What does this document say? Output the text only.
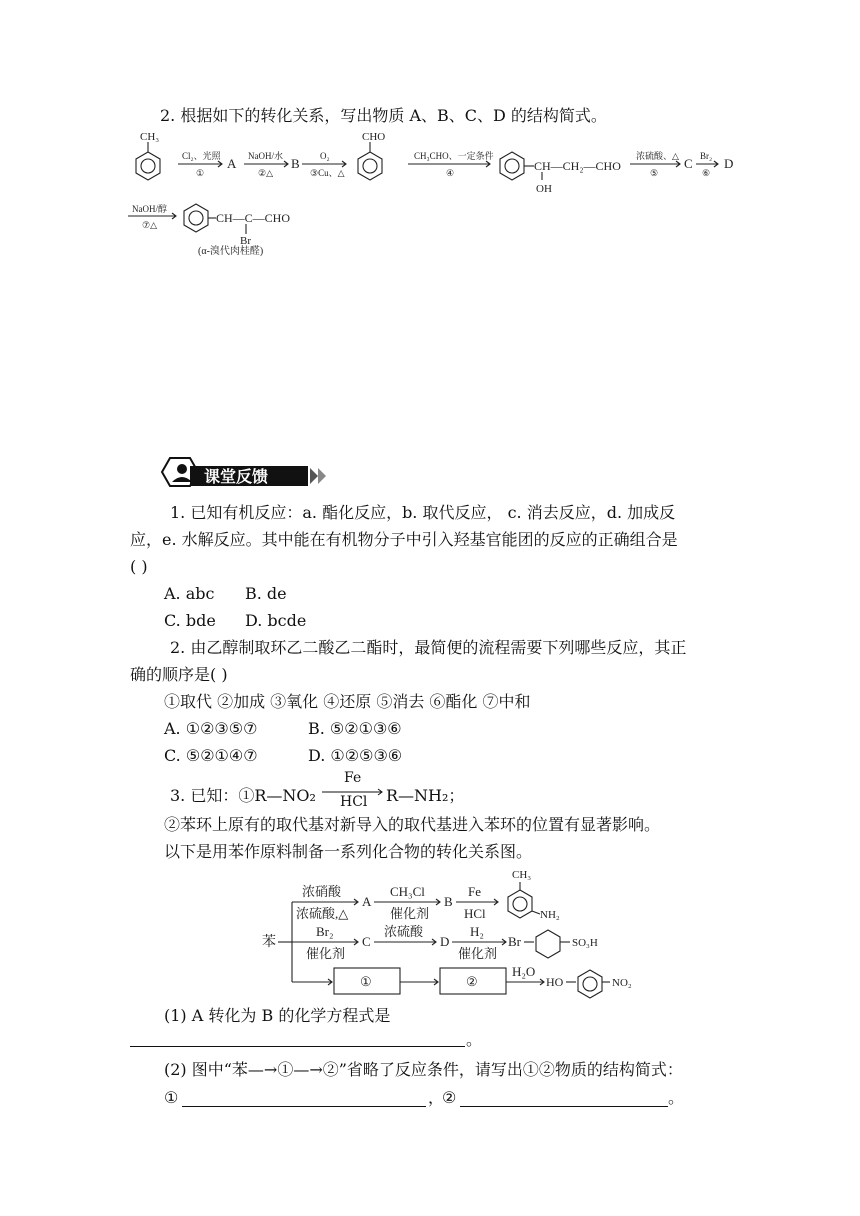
2. 根据如下的转化关系，写出物质 A、B、C、D 的结构简式。
CH₃
Cl₂、光照
①
A NaOH/水
②△
B O₂
③Cu、△
CHO
CH₃CHO、一定条件
④	CH—CH₂—CHO
OH
浓硫酸、△
⑤
C Br₂
⑥
D
NaOH/醇
⑦△	CH—C—CHO
Br
(α-溴代肉桂醛)
课堂反馈
1. 已知有机反应：a. 酯化反应，b. 取代反应， c. 消去反应，d. 加成反
应，e. 水解反应。其中能在有机物分子中引入羟基官能团的反应的正确组合是
( )
A. abc B. de
C. bde D. bcde
2. 由乙醇制取环乙二酸乙二酯时，最简便的流程需要下列哪些反应，其正
确的顺序是( )
①取代 ②加成 ③氧化 ④还原 ⑤消去 ⑥酯化 ⑦中和
A. ①②③⑤⑦	B. ⑤②①③⑥
C. ⑤②①④⑦	D. ①②⑤③⑥
3. 已知：①R—NO₂
Fe
HCl R—NH₂；
②苯环上原有的取代基对新导入的取代基进入苯环的位置有显著影响。
以下是用苯作原料制备一系列化合物的转化关系图。
苯
浓硝酸
浓硫酸,△
A
CH₃Cl
催化剂
B
Fe
HCl
CH₃
NH₂
Br₂
催化剂
C
浓硫酸
D
H₂
催化剂
Br	SO₃H
①	②
H₂O
HO	NO₂
(1) A 转化为 B 的化学方程式是
。
(2) 图中“苯—→①—→②”省略了反应条件，请写出①②物质的结构简式：
①	，
②	。
